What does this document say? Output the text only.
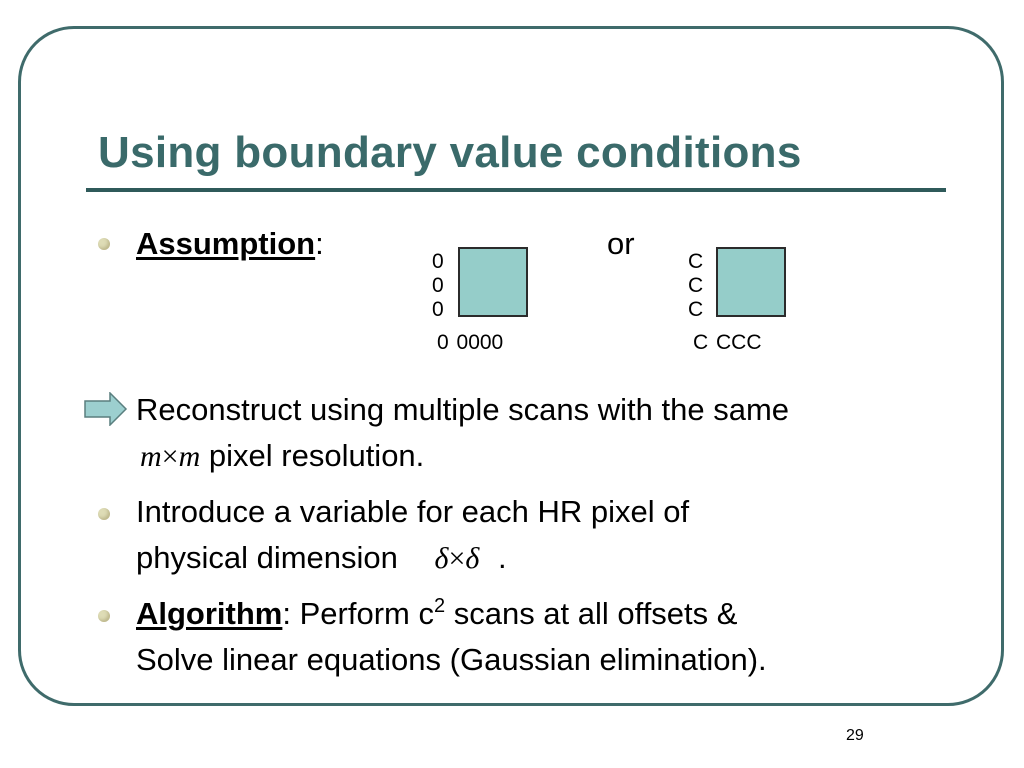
Using boundary value conditions
Assumption:
0
0
0
0 0000
or
C
C
C
C CCC
Reconstruct using multiple scans with the same
m×m pixel resolution.
Introduce a variable for each HR pixel of
physical dimension δ×δ .
Algorithm: Perform $c^2$ scans at all offsets &
Solve linear equations (Gaussian elimination).
29
